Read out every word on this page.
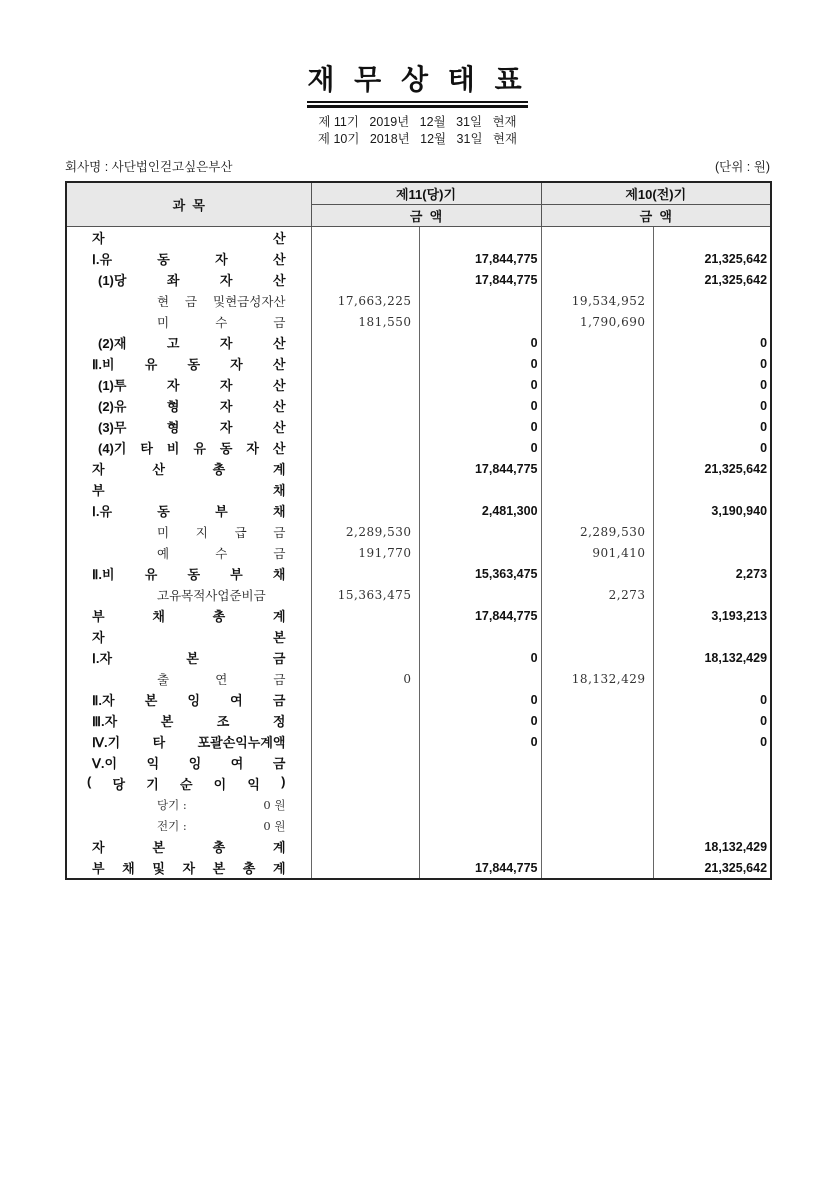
재 무 상 태 표
제 11기   2019년   12월   31일   현재
제 10기   2018년   12월   31일   현재
회사명 : 사단법인걷고싶은부산	(단위 : 원)
과  목	제11(당)기		제10(전)기	
	금  액		금  액	

자 산				

Ⅰ.유 동 자 산		17,844,775		21,325,642

(1)당 좌 자 산		17,844,775		21,325,642

현 금 및현금성자산	17,663,225		19,534,952	

미 수 금	181,550		1,790,690	

(2)재 고 자 산		0		0

Ⅱ.비 유 동 자 산		0		0

(1)투 자 자 산		0		0

(2)유 형 자 산		0		0

(3)무 형 자 산		0		0

(4)기 타 비 유 동 자 산		0		0

자 산 총 계		17,844,775		21,325,642

부 채				

Ⅰ.유 동 부 채		2,481,300		3,190,940

미 지 급 금	2,289,530		2,289,530	

예 수 금	191,770		901,410	

Ⅱ.비 유 동 부 채		15,363,475		2,273

고유목적사업준비금	15,363,475		2,273	

부 채 총 계		17,844,775		3,193,213

자 본				

Ⅰ.자 본 금		0		18,132,429

출 연 금	0		18,132,429	

Ⅱ.자 본 잉 여 금		0		0

Ⅲ.자 본 조 정		0		0

Ⅳ.기 타 포괄손익누계액		0		0

Ⅴ.이 익 잉 여 금				

( 당 기 순 이 익 )

당기 : 0 원				

전기 : 0 원				

자 본 총 계				18,132,429

부 채 및 자 본 총 계		17,844,775		21,325,642
